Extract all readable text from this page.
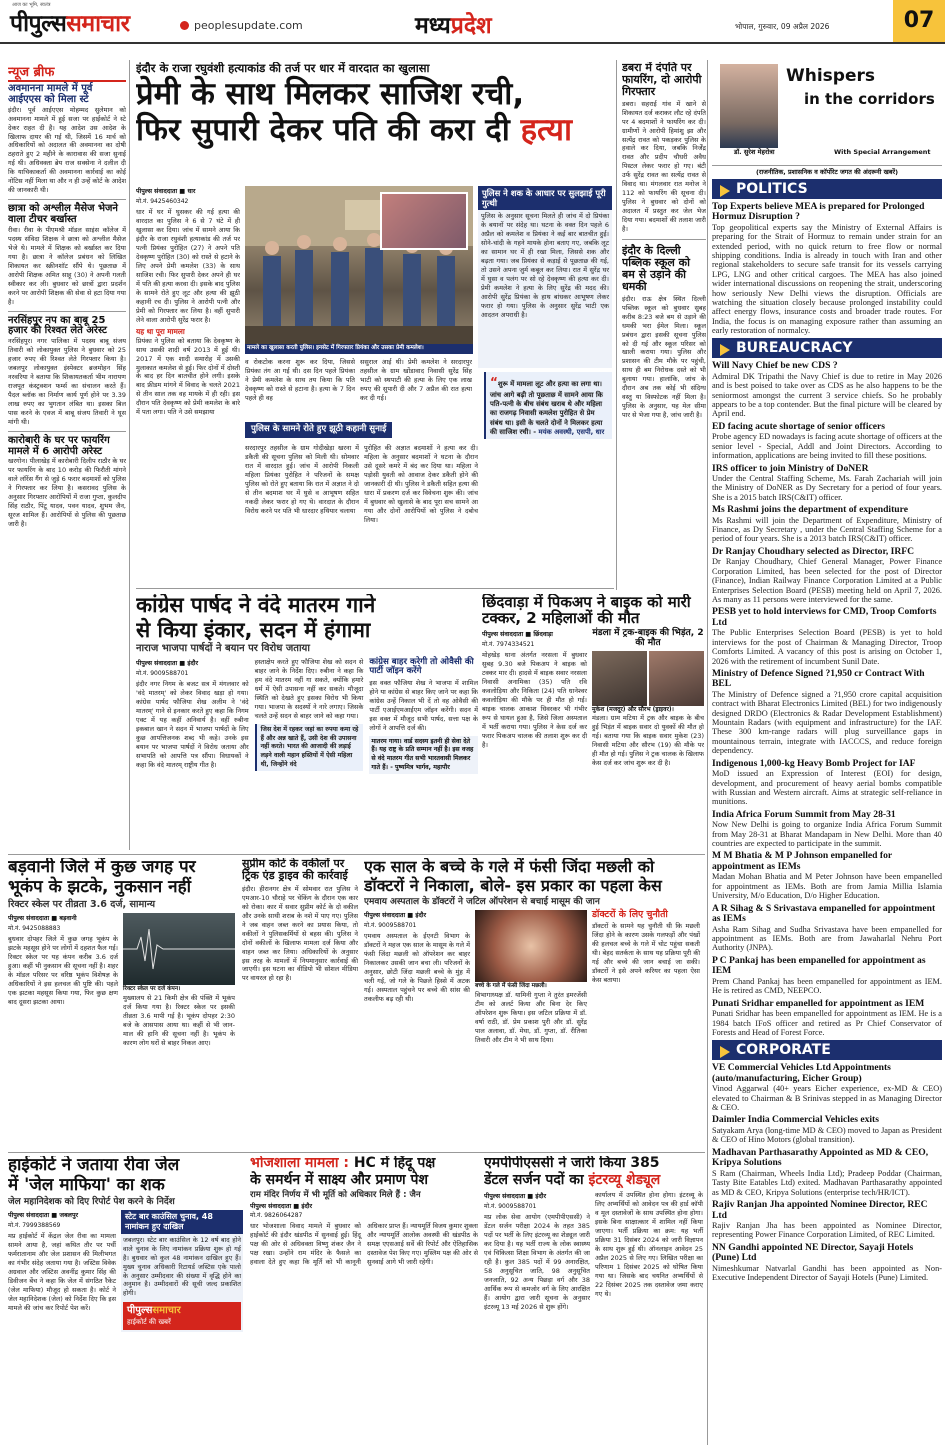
आज का भूमि, स्वतंत्र
पीपुल्ससमाचार	peoplesupdate.com	मध्यप्रदेश	भोपाल, गुरुवार, 09 अप्रैल 2026	07
न्यूज ब्रीफ
अवमानना मामले में पूर्व आईएएस को मिला स्टे
इंदौर। पूर्व आईएएस मोहम्मद सुलेमान को अवमानना मामले में हुई सजा पर हाईकोर्ट ने स्टे देकर राहत दी है। यह आदेश उस आदेश के खिलाफ दायर की गई थी, जिसमें 16 मार्च को अधिकारियों को अदालत की अवमानना का दोषी ठहराते हुए 2 महीने के कारावास की सजा सुनाई गई थी। अधिवक्ता ब्रेय राज सक्सेना ने दलील दी कि याचिकाकर्ता की अवमानना कार्रवाई का कोई नोटिस नहीं मिला था और न ही उन्हें कोर्ट के आदेश की जानकारी थी।
छात्रा को अश्लील मैसेज भेजने वाला टीचर बर्खास्त
रीवा। रीवा के पीएमश्री मॉडल साइंस कॉलेज में पदस्थ संविदा शिक्षक ने छात्रा को अश्लील मैसेज भेजे थे। मामले में शिक्षक को बर्खास्त कर दिया गया है। छात्रा ने कॉलेज प्रबंधन को लिखित शिकायत कर स्क्रीनशॉट सौंपे थे। पूछताछ में आरोपी शिक्षक अमित साहू (30) ने अपनी गलती स्वीकार कर ली। बुधवार को छात्रों द्वारा प्रदर्शन करने पर आरोपी शिक्षक की सेवा से हटा दिया गया है।
नरसिंहपुर नप का बाबू 25 हजार की रिश्वत लेते अरेस्ट
नरसिंहपुर। नगर पालिका में पदस्थ बाबू संजय तिवारी को लोकायुक्त पुलिस ने बुधवार को 25 हजार रुपए की रिश्वत लेते गिरफ्तार किया है। जबलपुर लोकायुक्त इंस्पेक्टर ब्रजमोहन सिंह नरवरिया ने बताया कि शिकायतकर्ता भीम नारायण राजपूत कंस्ट्रक्शन फर्म्स का संचालन करते हैं। पैदल ब्लॉक का निर्माण कार्य पूर्ण होने पर 3.39 लाख रुपए का भुगतान लंबित था। इसका बिल पास करने के एवज में बाबू संजय तिवारी ने घूस मांगी थी।
कारोबारी के घर पर फायरिंग मामले में 6 आरोपी अरेस्ट
खरगोन। पीलाखेड़ में कारोबारी दिलीप राठौर के घर पर फायरिंग के बाद 10 करोड़ की फिरौती मांगने वाले लॉरेंस गैंग से जुड़े 6 फरार बदमाशों को पुलिस ने गिरफ्तार कर लिया है। कसरावद पुलिस के अनुसार गिरफ्तार आरोपियों में राजा गुप्ता, कुलदीप सिंह राठौर, पिंटू यादव, पवन यादव, शुभम जैन, सूरज शामिल हैं। आरोपियों से पुलिस की पूछताछ जारी है।
इंदौर के राजा रघुवंशी हत्याकांड की तर्ज पर धार में वारदात का खुलासा
प्रेमी के साथ मिलकर साजिश रची,
फिर सुपारी देकर पति की करा दी हत्या
पीपुल्स संवाददाता ■ धार
मो.नं. 9425460342
धार में घर में घुसकर की गई हत्या की वारदात का पुलिस ने 6 से 7 घंटे में ही खुलासा कर दिया। जांच में सामने आया कि इंदौर के राजा रघुवंशी हत्याकांड की तर्ज पर पत्नी प्रियंका पुरोहित (27) ने अपने पति देवकृष्ण पुरोहित (30) को रास्ते से हटाने के लिए अपने प्रेमी कमलेश (33) के साथ साजिश रची। फिर सुपारी देकर अपने ही घर में पति की हत्या करवा दी। इसके बाद पुलिस के सामने रोते हुए लूट और हत्या की झूठी कहानी रच दी। पुलिस ने आरोपी पत्नी और प्रेमी को गिरफ्तार कर लिया है। वहीं सुपारी लेने वाला आरोपी सुरेंद्र फरार है।
यह था पूरा मामला
प्रियंका ने पुलिस को बताया कि देवकृष्ण के साथ उसकी शादी वर्ष 2013 में हुई थी। 2017 में एक शादी समारोह में उसकी मुलाकात कमलेश से हुई। फिर दोनों में दोस्ती के बाद हर दिन बातचीत होने लगी। इसके बाद फ्रीडम मांगने में विवाद के चलते 2021 से तीन साल तक वह मायके में ही रही। इस दौरान पति देवकृष्ण को प्रेमी कमलेश के बारे में पता लगा। पति ने उसे समझाया
मामले का खुलासा करती पुलिस। इनसेट में गिरफ्तार प्रियंका और उसका प्रेमी कमलेश।
व रोकटोक करना शुरू कर दिया, जिससे प्रियंका तंग आ गई थी। दस दिन पहले प्रियंका ने प्रेमी कमलेश के साथ तय किया कि पति देवकृष्ण को रास्ते से हटाना है। हत्या के 7 दिन पहले ही वह
ससुराल आई थी। प्रेमी कमलेश ने सरदारपुर तहसील के ग्राम खोंडावाद निवासी सुरेंद्र सिंह भाटी को स्थपाटी की हत्या के लिए एक लाख रुपए की सुपारी दी और 7 अप्रैल की रात हत्या कर दी गई।
पुलिस ने शक के आधार पर सुलझाई पूरी गुत्थी
पुलिस के अनुसार सूचना मिलते ही जांच में दो प्रियंका के बयानों पर संदेह था। घटना के वक्त दिन पहले 6 अप्रैल को कमलेश व प्रियंका ने कई बार बातचीत हुई। सोने-चांदी के गहने मायके होना बताए गए, जबकि लूट का सामान घर में ही रखा मिला, जिससे शक और बढ़ता गया। जब प्रियंका से कड़ाई से पूछताछ की गई, तो उसने अपना जुर्म कबूल कर लिया। रात में सुरेंद्र घर में घुसा व पलंग पर सो रहे देवकृष्ण की हत्या कर दी। प्रेमी कमलेश ने हत्या के लिए सुरेंद्र की मदद की। आरोपी सुरेंद्र प्रियंका के हाथ बांधकर आभूषण लेकर फरार हो गया। पुलिस के अनुसार सुरेंद्र भाटी एक आदतन अपराधी है।
पुलिस के सामने रोते हुए झूठी कहानी सुनाई
सरदारपुर तहसील के ग्राम गोदीखेड़ा खरना में डकैती की सूचना पुलिस को मिली थी। सोमवार रात में वारदात हुई। जांच में आरोपी निकली महिला प्रियंका पुरोहित ने परिजनों के समक्ष पुलिस को रोते हुए बताया कि रात में अज्ञात ने दो से तीन बदमाश घर में घुसे व आभूषण सहित नकदी लेकर फरार हो गए थे। वारदात के दौरान विरोध करने पर पति भी धारदार हथियार चलाया
पुरोहित की अज्ञात बदमाशों ने हत्या कर दी। महिला के अनुसार बदमाशों ने घटना के दौरान उसे दूसरे कमरे में बंद कर दिया था। महिला ने पड़ोसी युवती को आवाज देकर डकैती होने की जानकारी दी थी। पुलिस ने डकैती सहित हत्या की धारा में प्रकरण दर्ज कर विवेचना शुरू की। जांच में बुधवार को खुलासे के बाद पूरा सच सामने आ गया और दोनों आरोपियों को पुलिस ने दबोच लिया।
“शुरू में मामला लूट और हत्या का लगा था। जांच आगे बढ़ी तो पूछताछ में सामने आया कि पति-पत्नी के बीच संबंध खराब थे और महिला का राजगढ़ निवासी कमलेश पुरोहित से प्रेम संबंध था। इसी के चलते दोनों ने मिलकर हत्या की साजिश रची। - मयंक अवस्थी, एसपी, धार
डबरा में दंपति पर फायरिंग, दो आरोपी गिरफ्तार
डबरा। सहराई गांव में खाने से शिकायत दर्ज कराकर लौट रहे दंपति पर 4 बदमाशों ने फायरिंग कर दी। ग्रामीणों ने आरोपी हिमांशु झा और सत्येंद्र रावत को पकड़कर पुलिस के हवाले कर दिया, जबकि निर्जेंद्र रावत और प्रदीप चौधरी अवैध पिस्टल लेकर फरार हो गए। बंटी उर्फ सुरेंद्र रावत का सत्येंद्र रावत से विवाद था। मंगलवार रात मनोज ने 112 को फायरिंग की सूचना दी। पुलिस ने बुधवार को दोनों को अदालत में प्रस्तुत कर जेल भेज दिया गया। बदमाशों की तलाश जारी है।
इंदौर के दिल्ली पब्लिक स्कूल को बम से उड़ाने की धमकी
इंदौर। राऊ क्षेत्र स्थित दिल्ली पब्लिक स्कूल को बुधवार सुबह करीब 8:23 बजे बम से उड़ाने की धमकी भरा ईमेल मिला। स्कूल प्रबंधन द्वारा इसकी सूचना पुलिस को दी गई और स्कूल परिसर को खाली कराया गया। पुलिस और प्रशासन की टीम मौके पर पहुंची, साथ ही बम निरोधक दस्ते को भी बुलाया गया। हालांकि, जांच के दौरान अब तक कोई भी संदिग्ध वस्तु या विस्फोटक नहीं मिला है। पुलिस के अनुसार, यह मेल सीमा पार से भेजा गया है, जांच जारी है।
कांग्रेस पार्षद ने वंदे मातरम गाने
से किया इंकार, सदन में हंगामा
नाराज भाजपा पार्षदों ने बयान पर विरोध जताया
पीपुल्स संवाददाता ■ इंदौर
मो.नं. 9009588701
इंदौर नगर निगम के बजट सत्र में मंगलवार को 'वंदे मातरम्' को लेकर विवाद खड़ा हो गया। कांग्रेस पार्षद फौजिया शेख अलीम ने 'वंदे मातरम्' गाने से इनकार करते हुए कहा कि निगम एक्ट में यह कहीं अनिवार्य है। वहीं रुबीना इकबाल खान ने सदन में भाजपा पार्षदों के लिए कुछ आपत्तिजनक शब्द भी कहे। उनके इस बयान पर भाजपा पार्षदों ने विरोध जताया और सभापति को आपत्ति पत्र सौंपा। विधायकों ने कहा कि वंदे मातरम् राष्ट्रीय गीत है।
हस्ताक्षेप करते हुए फौजिया शेख को सदन से बाहर जाने के निर्देश दिए। रुबीना ने कहा कि हम वंदे मातरम नहीं गा सकते, क्योंकि हमारे धर्म में ऐसी उपासना नहीं कर सकते। मौजूदा स्थिति को देखते हुए इसका विरोध भी किया गया। भाजपा के सदस्यों ने नारे लगाए। जिसके चलते उन्हें सदन से बाहर जाने को कहा गया।
जिस देश में रहकर जहां का रुपया कमा रहे हैं और अन्न खाते हैं, उसी देश की उपासना नहीं करते। भारत की आजादी की लड़ाई लड़ने वाली महान हस्तियों में ऐसी महिला थी, जिन्होंने वंदे
कांग्रेस बाहर करेगी तो ओवैसी की पार्टी जॉइन करेंगे
इस वक्त फौजिया शेख ने भाजपा में शामिल होने या कांग्रेस से बाहर किए जाने पर कहा कि कांग्रेस उन्हें निकाल भी दें तो वह ओवैसी की पार्टी एआईएमआईएम जॉइन करेंगी। सदन में इस वक्त में मौजूद सभी पार्षद, सत्ता पक्ष के लोगों ने आपत्ति दर्ज की।
मातरम गाया। वार्ड सदस्य इतनी ही सेवा देते हैं। यह राष्ट्र के प्रति सम्मान नहीं है। इस वजह से वंदे मातरम गीत सभी भारतवासी मिलकर गाते हैं। - पुष्यमित्र भार्गव, महापौर
छिंदवाड़ा में पिकअप ने बाइक को मारी टक्कर, 2 महिलाओं की मौत
पीपुल्स संवाददाता ■ छिंदवाड़ा
मो.नं. 7974334521
मोहखेड़ थाना अंतर्गत नरसला में बुधवार सुबह 9.30 बजे पिकअप ने बाइक को टक्कर मार दी। हादसे में बाइक सवार नरसला निवासी अनामिका (35) पति रवि कवलोड़िया और निकिता (24) पति धानेश्वर कवलोड़िया की मौके पर ही मौत हो गई। बाइक चालक आकाश धिवरकर भी गंभीर रूप से घायल हुआ है, जिसे जिला अस्पताल में भर्ती कराया गया। पुलिस ने केस दर्ज कर फरार पिकअप चालक की तलाश शुरू कर दी है।
मंडला में ट्रक-बाइक की भिड़ंत, 2 की मौत
मुकेश (मजदूर) और सौरभ (ड्राइवर)।
मंडला। ग्राम मटिया में ट्रक और बाइक के बीच हुई भिड़ंत में बाइक सवार दो युवकों की मौत हो गई। बताया गया कि बाइक सवार मुकेश (23) निवासी मटिया और सौरभ (19) की मौके पर ही मौत हो गई। पुलिस ने ट्रक चालक के खिलाफ केस दर्ज कर जांच शुरू कर दी है।
बड़वानी जिले में कुछ जगह पर
भूकंप के झटके, नुकसान नहीं
रिक्टर स्केल पर तीव्रता 3.6 दर्ज, सामान्य
पीपुल्स संवाददाता ■ बड़वानी
मो.नं. 9425088883
बुधवार दोपहर जिले में कुछ जगह भूकंप के झटके महसूस होने पर लोगों में दहशत फैल गई। रिक्टर स्केल पर यह कंपन करीब 3.6 दर्ज हुआ। कहीं भी नुकसान की सूचना नहीं है। शहर के मॉडल परिसर पर वरिष्ठ भूकंप विशेषज्ञ के अधिकारियों ने इस हलचल की पुष्टि की। पहले एक झटका महसूस किया गया, फिर कुछ क्षण बाद दूसरा झटका आया।
रिक्टर स्केल पर दर्ज कंपन।
मुख्यालय से 21 किमी क्षेत्र की पंक्ति में भूकंप दर्ज किया गया है। रिक्टर स्केल पर इसकी तीव्रता 3.6 मापी गई है। भूकंप दोपहर 2:30 बजे के आसपास आया था। कहीं से भी जान-माल की हानि की सूचना नहीं है। भूकंप के कारण लोग घरों से बाहर निकल आए।
सुप्रीम कोर्ट के वकीलों पर ट्रिक एंड ड्राइव की कार्रवाई
इंदौर। हीरानगर क्षेत्र में सोमवार रात पुलिस ने एमआर-10 चौराहे पर चेकिंग के दौरान एक कार को रोका। कार में सवार सुप्रीम कोर्ट के दो वकील और उनके साथी शराब के नशे में पाए गए। पुलिस ने जब वाहन जब्त करने का प्रयास किया, तो वकीलों ने पुलिसकर्मियों से बहस की। पुलिस ने दोनों वकीलों के खिलाफ मामला दर्ज किया और वाहन जब्त कर लिया। अधिकारियों के अनुसार इस तरह के मामलों में नियमानुसार कार्रवाई की जाएगी। इस घटना का वीडियो भी सोशल मीडिया पर वायरल हो रहा है।
एक साल के बच्चे के गले में फंसी जिंदा मछली को
डॉक्टरों ने निकाला, बोले- इस प्रकार का पहला केस
एमवाय अस्पताल के डॉक्टरों ने जटिल ऑपरेशन से बचाई मासूम की जान
पीपुल्स संवाददाता ■ इंदौर
मो.नं. 9009588701
एमवाय अस्पताल के ईएनटी विभाग के डॉक्टरों ने महज एक साल के मासूम के गले में फंसी जिंदा मछली को ऑपरेशन कर बाहर निकालकर उसकी जान बचा ली। परिजनों के अनुसार, छोटी जिंदा मछली बच्चे के मुंह में चली गई, जो गले के पिछले हिस्से में अटक गई। अस्पताल पहुंचने पर बच्चे की सांस की तकलीफ बढ़ रही थी।
बच्चे के गले में फंसी जिंदा मछली।
विभागाध्यक्ष डॉ. यामिनी गुप्ता ने तुरंत इमरजेंसी टीम को अलर्ट किया और बिना देर किए ऑपरेशन शुरू किया। इस जटिल प्रक्रिया में डॉ. वर्षा राठी, डॉ. प्रेम प्रकाश पुरी और डॉ. सुरेंद्र पाल अलावा, डॉ. मेघा, डॉ. गुप्ता, डॉ. रीतिका तिवारी और टीम ने भी साथ दिया।
डॉक्टरों के लिए चुनौती
डॉक्टरों के सामने यह चुनौती थी कि मछली जिंदा होने के कारण उसके गलफड़ों और पंखों की हलचल बच्चे के गले में चोट पहुंचा सकती थी। बेहद सतर्कता के साथ यह प्रक्रिया पूरी की गई और बच्चे की जान बचाई जा सकी। डॉक्टरों ने इसे अपने करियर का पहला ऐसा केस बताया।
हाईकोर्ट ने जताया रीवा जेल
में 'जेल माफिया' का शक
जेल महानिदेशक को दिए रिपोर्ट पेश करने के निर्देश
पीपुल्स संवाददाता ■ जबलपुर
मो.नं. 7999388569
मप्र हाईकोर्ट में केंद्रल जेल रीवा का मामला सामने आया है, जहां कथित तौर पर पर्ची फर्मरातानाम और जेल प्रशासन की मिलीभगत का गंभीर संदेह जताया गया है। जस्टिस विवेक अग्रवाल और जस्टिस अवनींद्र कुमार सिंह की डिवीजन बेंच ने कहा कि जेल में संगठित रैकेट (जेल माफिया) मौजूद हो सकता है। कोर्ट ने जेल महानिदेशक (जेल) को निर्देश दिए कि इस मामले की जांच कर रिपोर्ट पेश करें।
स्टेट बार काउंसिल चुनाव, 48 नामांकन हुए दाखिल
जबलपुर। स्टेट बार काउंसिल के 12 वर्ष बाद होने वाले चुनाव के लिए नामांकन प्रक्रिया शुरू हो गई है। बुधवार को कुल 48 नामांकन दाखिल हुए हैं। मुख्य चुनाव अधिकारी रिटायर्ड जस्टिस एके पालो के अनुसार उम्मीदवार की संख्या में वृद्धि होने का अनुमान है। उम्मीदवारों की सूची जल्द प्रकाशित होगी।
पीपुल्ससमाचार
हाईकोर्ट की खबरें
भोजशाला मामला : HC में हिंदू पक्ष
के समर्थन में साक्ष्य और प्रमाण पेश
राम मंदिर निर्णय में भी मूर्ति को अधिकार मिले हैं : जैन
पीपुल्स संवाददाता ■ इंदौर
मो.नं. 9826064287
धार भोजशाला विवाद मामले में बुधवार को हाईकोर्ट की इंदौर खंडपीठ में सुनवाई हुई। हिंदू पक्ष की ओर से अधिवक्ता विष्णु शंकर जैन ने पक्ष रखा। उन्होंने राम मंदिर के फैसले का हवाला देते हुए कहा कि मूर्ति को भी कानूनी अधिकार प्राप्त हैं। न्यायमूर्ति विजय कुमार शुक्ला और न्यायमूर्ति आलोक अवस्थी की खंडपीठ के समक्ष एएसआई सर्वे की रिपोर्ट और ऐतिहासिक दस्तावेज पेश किए गए। मुस्लिम पक्ष की ओर से सुनवाई आगे भी जारी रहेगी।
एमपीपीएससी ने जारी किया 385
डेंटल सर्जन पदों का इंटरव्यू शेड्यूल
पीपुल्स संवाददाता ■ इंदौर
मो.नं. 9009588701
मप्र लोक सेवा आयोग (एमपीपीएससी) ने डेंटल सर्जन परीक्षा 2024 के तहत 385 पदों पर भर्ती के लिए इंटरव्यू का शेड्यूल जारी कर दिया है। यह भर्ती राज्य के लोक स्वास्थ्य एवं चिकित्सा शिक्षा विभाग के अंतर्गत की जा रही है। कुल 385 पदों में 99 अनारक्षित, 58 अनुसूचित जाति, 98 अनुसूचित जनजाति, 92 अन्य पिछड़ा वर्ग और 38 आर्थिक रूप से कमजोर वर्ग के लिए आरक्षित हैं। आयोग द्वारा जारी सूचना के अनुसार इंटरव्यू 13 मई 2026 से शुरू होंगे।
कार्यालय में उपस्थित होना होगा। इंटरव्यू के लिए अभ्यर्थियों को आवेदन पत्र की हार्ड कॉपी व मूल दस्तावेजों के साथ उपस्थित होना होगा। इसके बिना साक्षात्कार में शामिल नहीं किया जाएगा। भर्ती प्रक्रिया का क्रम: यह भर्ती प्रक्रिया 31 दिसंबर 2024 को जारी विज्ञापन के साथ शुरू हुई थी। ऑनलाइन आवेदन 25 अप्रैल 2025 से लिए गए। लिखित परीक्षा का परिणाम 1 दिसंबर 2025 को घोषित किया गया था। जिसके बाद चयनित अभ्यर्थियों से 22 दिसंबर 2025 तक दस्तावेज जमा कराए गए थे।
Whispers
in the corridors
डॉ. सुरेश मेहरोत्रा	With Special Arrangement
(राजनीतिक, प्रशासनिक व कॉर्पोरेट जगत की अंदरूनी खबरें)
POLITICS
Top Experts believe MEA is prepared for Prolonged Hormuz Disruption ?
Top geopolitical experts say the Ministry of External Affairs is preparing for the Strait of Hormuz to remain under strain for an extended period, with no quick return to free flow or normal shipping conditions. India is already in touch with Iran and other regional stakeholders to secure safe transit for its vessels carrying LPG, LNG and other critical cargoes. The MEA has also joined wider international discussions on reopening the strait, underscoring how seriously New Delhi views the disruption. Officials are watching the situation closely because prolonged instability could affect energy flows, insurance costs and broader trade routes. For India, the focus is on managing exposure rather than assuming an early restoration of normalcy.
BUREAUCRACY
Will Navy Chief be new CDS ?
Admiral DK Tripathi the Navy Chief is due to retire in May 2026 and is best poised to take over as CDS as he also happens to be the seniormost amongst the current 3 service chiefs. So he probably appears to be a top contender. But the final picture will be cleared by April end.
ED facing acute shortage of senior officers
Probe agency ED nowadays is facing acute shortage of officers at the senior level - Special, Addl and Joint Directors. According to information, applications are being invited to fill these positions.
IRS officer to join Ministry of DoNER
Under the Central Staffing Scheme, Ms. Farah Zachariah will join the Ministry of DoNER as Dy Secretary for a period of four years. She is a 2015 batch IRS(C&IT) officer.
Ms Rashmi joins the department of expenditure
Ms Rashmi will join the Department of Expenditure, Ministry of Finance, as Dy Secretary , under the Central Staffing Scheme for a period of four years. She is a 2013 batch IRS(C&IT) officer.
Dr Ranjay Choudhary selected as Director, IRFC
Dr Ranjay Choudhary, Chief General Manager, Power Finance Corporation Limited, has been selected for the post of Director (Finance), Indian Railway Finance Corporation Limited at a Public Enterprises Selection Board (PESB) meeting held on April 7, 2026. As many as 11 persons were interviewed for the same.
PESB yet to hold interviews for CMD, Troop Comforts Ltd
The Public Enterprises Selection Board (PESB) is yet to hold interviews for the post of Chairman & Managing Director, Troop Comforts Limited. A vacancy of this post is arising on October 1, 2026 with the retirement of incumbent Sunil Date.
Ministry of Defence Signed ?1,950 cr Contract With BEL
The Ministry of Defence signed a ?1,950 crore capital acquisition contract with Bharat Electronics Limited (BEL) for two indigenously designed DRDO (Electronics & Radar Development Establishment) Mountain Radars (with equipment and infrastructure) for the IAF. These 300 km-range radars will plug surveillance gaps in mountainous terrain, integrate with IACCCS, and reduce foreign dependency.
Indigenous 1,000-kg Heavy Bomb Project for IAF
MoD issued an Expression of Interest (EOI) for design, development, and procurement of heavy aerial bombs compatible with Russian and Western aircraft. Aims at strategic self-reliance in munitions.
India Africa Forum Summit from May 28-31
Now New Delhi is going to organize India Africa Forum Summit from May 28-31 at Bharat Mandapam in New Delhi. More than 40 countries are expected to participate in the summit.
M M Bhatia & M P Johnson empanelled for appointment as IEMs
Madan Mohan Bhatia and M Peter Johnson have been empanelled for appointment as IEMs. Both are from Jamia Millia Islamia University, M/o Education, D/o Higher Education.
A R Sihag & S Srivastava empanelled for appointment as IEMs
Asha Ram Sihag and Sudha Srivastava have been empanelled for appointment as IEMs. Both are from Jawaharlal Nehru Port Authority (JNPA).
P C Pankaj has been empanelled for appointment as IEM
Prem Chand Pankaj has been empanelled for appointment as IEM. He is retired as CMD, NEEPCO.
Punati Sridhar empanelled for appointment as IEM
Punati Sridhar has been empanelled for appointment as IEM. He is a 1984 batch IFoS officer and retired as Pr Chief Conservator of Forests and Head of Forest Force.
CORPORATE
VE Commercial Vehicles Ltd Appointments (auto/manufacturing, Eicher Group)
Vinod Aggarwal (40+ years Eicher experience, ex-MD & CEO) elevated to Chairman & B Srinivas stepped in as Managing Director & CEO.
Daimler India Commercial Vehicles exits
Satyakam Arya (long-time MD & CEO) moved to Japan as President & CEO of Hino Motors (global transition).
Madhavan Parthasarathy Appointed as MD & CEO, Kripya Solutions
S Ram (Chairman, Wheels India Ltd); Pradeep Poddar (Chairman, Tasty Bite Eatables Ltd) exited. Madhavan Parthasarathy appointed as MD & CEO, Kripya Solutions (enterprise tech/HR/ICT).
Rajiv Ranjan Jha appointed Nominee Director, REC Ltd
Rajiv Ranjan Jha has been appointed as Nominee Director, representing Power Finance Corporation Limited, of REC Limited.
NN Gandhi appointed NE Director, Sayaji Hotels (Pune) Ltd
Nimeshkumar Natvarlal Gandhi has been appointed as Non-Executive Independent Director of Sayaji Hotels (Pune) Limited.
